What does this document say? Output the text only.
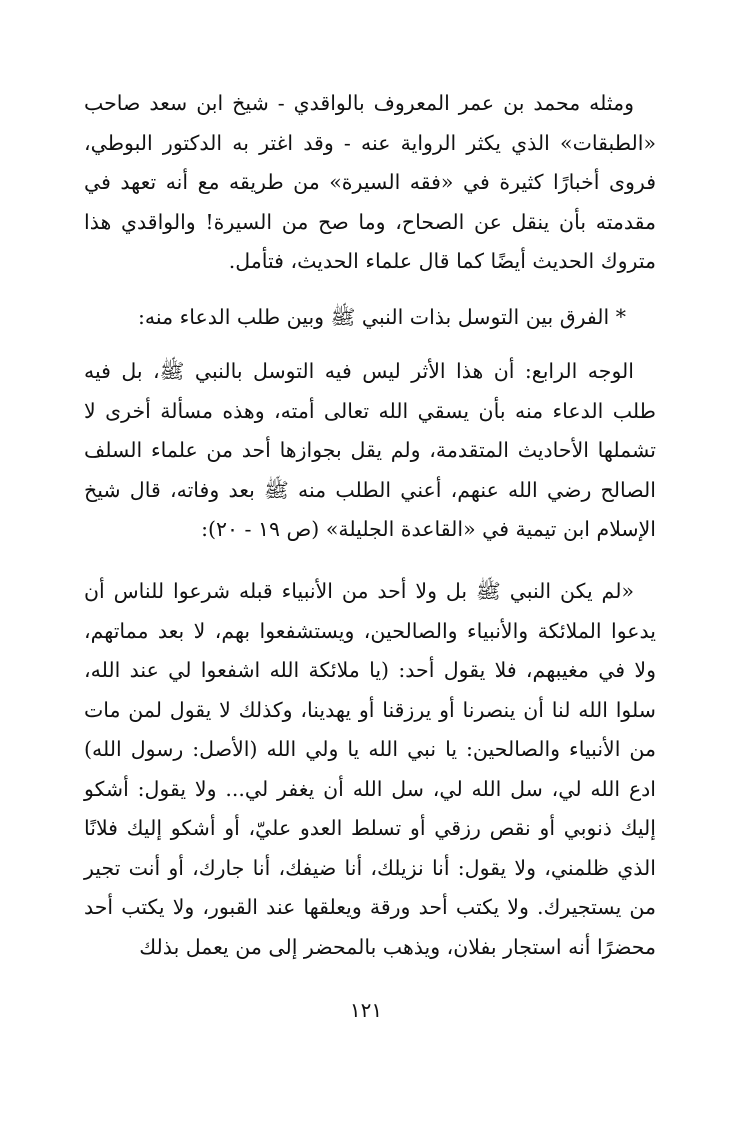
ومثله محمد بن عمر المعروف بالواقدي - شيخ ابن سعد صاحب «الطبقات» الذي يكثر الرواية عنه - وقد اغتر به الدكتور البوطي، فروى أخبارًا كثيرة في «فقه السيرة» من طريقه مع أنه تعهد في مقدمته بأن ينقل عن الصحاح، وما صح من السيرة! والواقدي هذا متروك الحديث أيضًا كما قال علماء الحديث، فتأمل.

* الفرق بين التوسل بذات النبي ﷺ وبين طلب الدعاء منه:

الوجه الرابع: أن هذا الأثر ليس فيه التوسل بالنبي ﷺ، بل فيه طلب الدعاء منه بأن يسقي الله تعالى أمته، وهذه مسألة أخرى لا تشملها الأحاديث المتقدمة، ولم يقل بجوازها أحد من علماء السلف الصالح رضي الله عنهم، أعني الطلب منه ﷺ بعد وفاته، قال شيخ الإسلام ابن تيمية في «القاعدة الجليلة» (ص ١٩ - ٢٠):

«لم يكن النبي ﷺ بل ولا أحد من الأنبياء قبله شرعوا للناس أن يدعوا الملائكة والأنبياء والصالحين، ويستشفعوا بهم، لا بعد مماتهم، ولا في مغيبهم، فلا يقول أحد: (يا ملائكة الله اشفعوا لي عند الله، سلوا الله لنا أن ينصرنا أو يرزقنا أو يهدينا، وكذلك لا يقول لمن مات من الأنبياء والصالحين: يا نبي الله يا ولي الله (الأصل: رسول الله) ادع الله لي، سل الله لي، سل الله أن يغفر لي... ولا يقول: أشكو إليك ذنوبي أو نقص رزقي أو تسلط العدو عليّ، أو أشكو إليك فلانًا الذي ظلمني، ولا يقول: أنا نزيلك، أنا ضيفك، أنا جارك، أو أنت تجير من يستجيرك. ولا يكتب أحد ورقة ويعلقها عند القبور، ولا يكتب أحد محضرًا أنه استجار بفلان، ويذهب بالمحضر إلى من يعمل بذلك

١٢١
